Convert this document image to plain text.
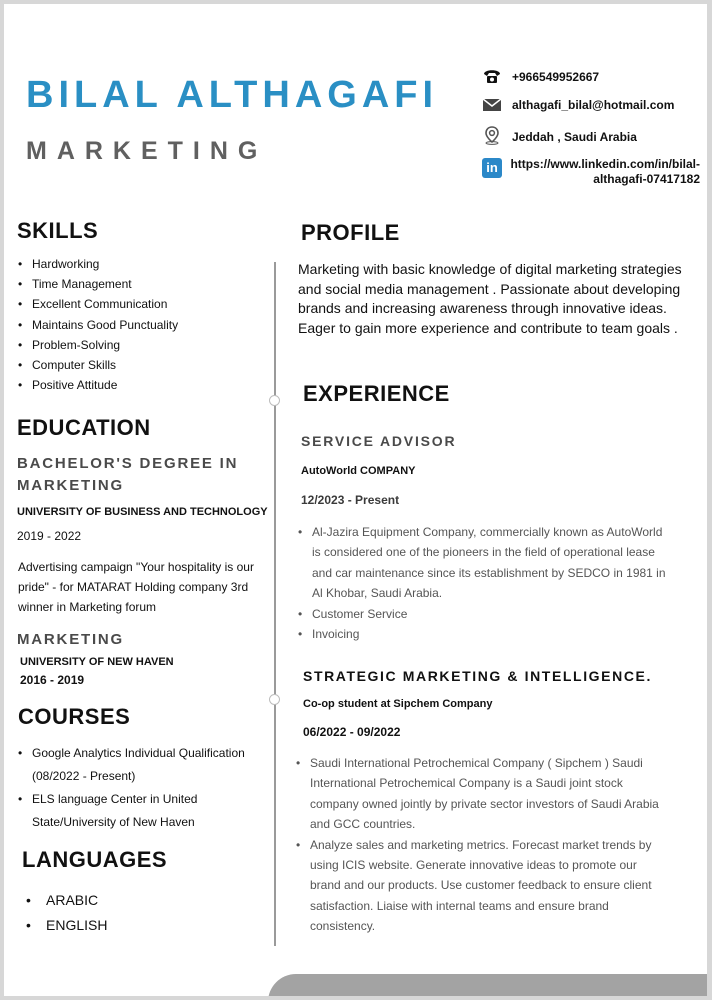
BILAL ALTHAGAFI
MARKETING
+966549952667
althagafi_bilal@hotmail.com
Jeddah , Saudi Arabia
in	https://www.linkedin.com/in/bilal-
althagafi-07417182
SKILLS
• Hardworking
• Time Management
• Excellent Communication
• Maintains Good Punctuality
• Problem-Solving
• Computer Skills
• Positive Attitude
EDUCATION
BACHELOR'S DEGREE IN MARKETING
UNIVERSITY OF BUSINESS AND TECHNOLOGY
2019 - 2022
Advertising campaign "Your hospitality is our pride" - for MATARAT Holding company 3rd winner in Marketing forum
MARKETING
UNIVERSITY OF NEW HAVEN
2016 - 2019
COURSES
• Google Analytics Individual Qualification (08/2022 - Present)
• ELS language Center in United State/University of New Haven
LANGUAGES
• ARABIC
• ENGLISH
PROFILE
Marketing with basic knowledge of digital marketing strategies and social media management . Passionate about developing brands and increasing awareness through innovative ideas. Eager to gain more experience and contribute to team goals .
EXPERIENCE
SERVICE ADVISOR
AutoWorld COMPANY
12/2023 - Present
• Al-Jazira Equipment Company, commercially known as AutoWorld is considered one of the pioneers in the field of operational lease and car maintenance since its establishment by SEDCO in 1981 in Al Khobar, Saudi Arabia.
• Customer Service
• Invoicing
STRATEGIC MARKETING & INTELLIGENCE.
Co-op student at Sipchem Company
06/2022 - 09/2022
• Saudi International Petrochemical Company ( Sipchem ) Saudi International Petrochemical Company is a Saudi joint stock company owned jointly by private sector investors of Saudi Arabia and GCC countries.
• Analyze sales and marketing metrics. Forecast market trends by using ICIS website. Generate innovative ideas to promote our brand and our products. Use customer feedback to ensure client satisfaction. Liaise with internal teams and ensure brand consistency.
